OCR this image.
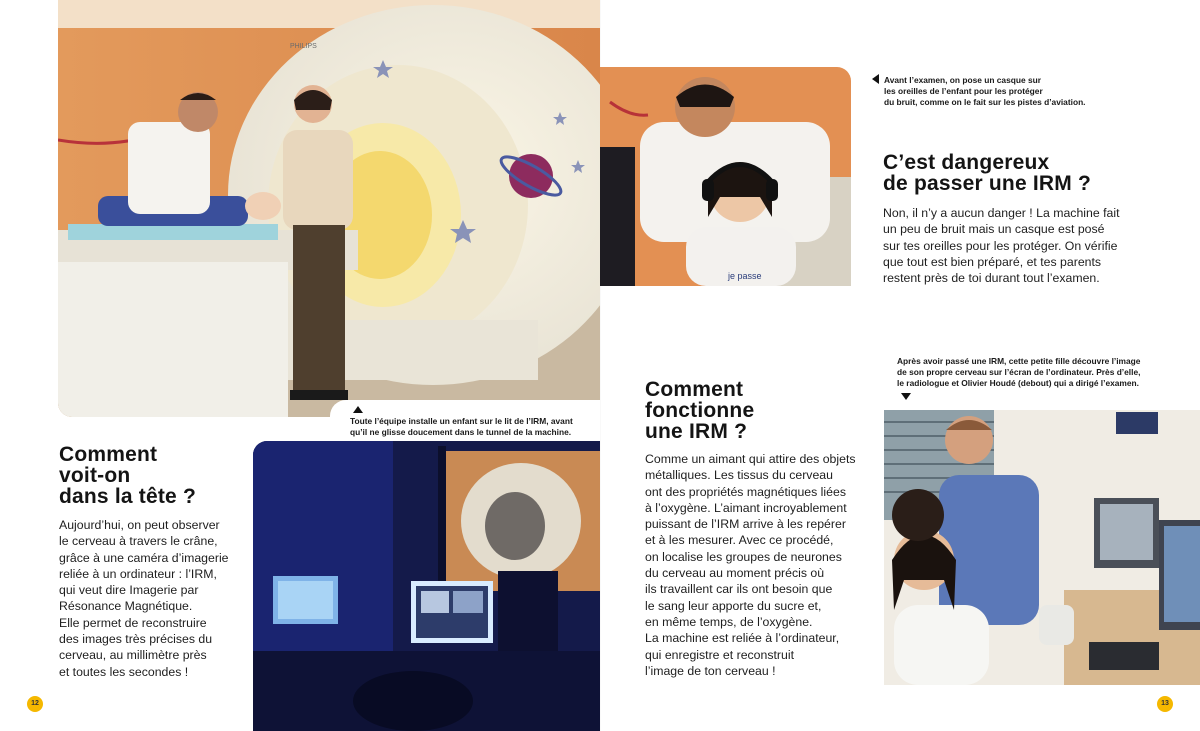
PHILIPS
Toute l’équipe installe un enfant sur le lit de l’IRM, avant
qu’il ne glisse doucement dans le tunnel de la machine.
je passe
Avant l’examen, on pose un casque sur
les oreilles de l’enfant pour les protéger
du bruit, comme on le fait sur les pistes d’aviation.
Après avoir passé une IRM, cette petite fille découvre l’image
de son propre cerveau sur l’écran de l’ordinateur. Près d’elle,
le radiologue et Olivier Houdé (debout) qui a dirigé l’examen.
Comment
voit-on
dans la tête ?
Aujourd’hui, on peut observer
le cerveau à travers le crâne,
grâce à une caméra d’imagerie
reliée à un ordinateur : l’IRM,
qui veut dire Imagerie par
Résonance Magnétique.
Elle permet de reconstruire
des images très précises du
cerveau, au millimètre près
et toutes les secondes !
Comment
fonctionne
une IRM ?
Comme un aimant qui attire des objets
métalliques. Les tissus du cerveau
ont des propriétés magnétiques liées
à l’oxygène. L’aimant incroyablement
puissant de l’IRM arrive à les repérer
et à les mesurer. Avec ce procédé,
on localise les groupes de neurones
du cerveau au moment précis où
ils travaillent car ils ont besoin que
le sang leur apporte du sucre et,
en même temps, de l’oxygène.
La machine est reliée à l’ordinateur,
qui enregistre et reconstruit
l’image de ton cerveau !
C’est dangereux
de passer une IRM ?
Non, il n’y a aucun danger ! La machine fait
un peu de bruit mais un casque est posé
sur tes oreilles pour les protéger. On vérifie
que tout est bien préparé, et tes parents
restent près de toi durant tout l’examen.
12	13
